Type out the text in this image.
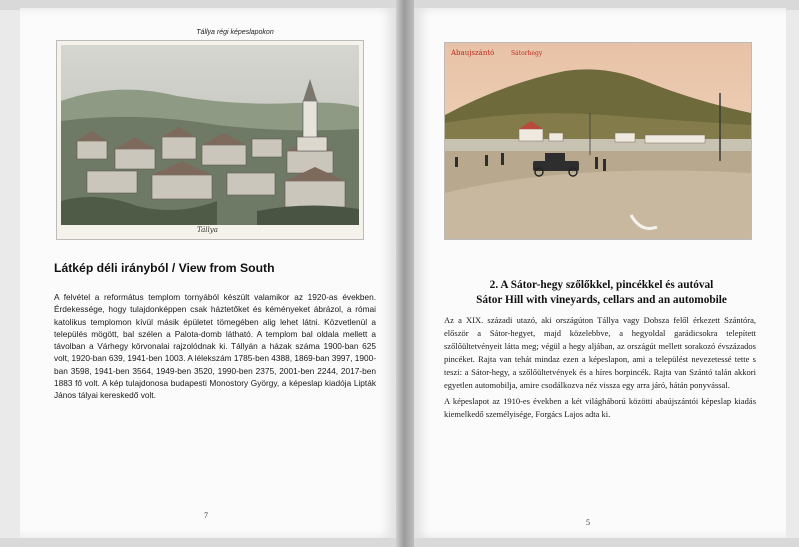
Tállya régi képeslapokon
Tállya
Látkép déli irányból / View from South

A felvétel a református templom tornyából készült valamikor az 1920-as években. Érdekessége, hogy tulajdonképpen csak háztetőket és kéményeket ábrázol, a római katolikus templomon kívül másik épületet tömegében alig lehet látni. Közvetlenül a település mögött, bal szélen a Palota-domb látható. A templom bal oldala mellett a távolban a Várhegy körvonalai rajzolódnak ki. Tállyán a házak száma 1900-ban 625 volt, 1920-ban 639, 1941-ben 1003. A lélekszám 1785-ben 4388, 1869-ban 3997, 1900-ban 3598, 1941-ben 3564, 1949-ben 3520, 1990-ben 2375, 2001-ben 2244, 2017-ben 1883 fő volt. A kép tulajdonosa budapesti Monostory György, a képeslap kiadója Lipták János tályai kereskedő volt.

7
Abaujszántó	Sátorhegy
2. A Sátor-hegy szőlőkkel, pincékkel és autóval
Sátor Hill with vineyards, cellars and an automobile

Az a XIX. századi utazó, aki országúton Tállya vagy Dobsza felől érkezett Szántóra, először a Sátor-hegyet, majd közelebbve, a hegyoldal garádicsokra telepített szőlőültetvényeit látta meg; végül a hegy aljában, az országút mellett sorakozó évszázados pincéket. Rajta van tehát mindaz ezen a képeslapon, ami a települést nevezetessé tette s teszi: a Sátor-hegy, a szőlőültetvények és a híres borpincék. Rajta van Szántó talán akkori egyetlen automobilja, amire csodálkozva néz vissza egy arra járó, hátán ponyvással.

A képeslapot az 1910-es években a két világháború közötti abaújszántói képeslap kiadás kiemelkedő személyisége, Forgács Lajos adta ki.

5
